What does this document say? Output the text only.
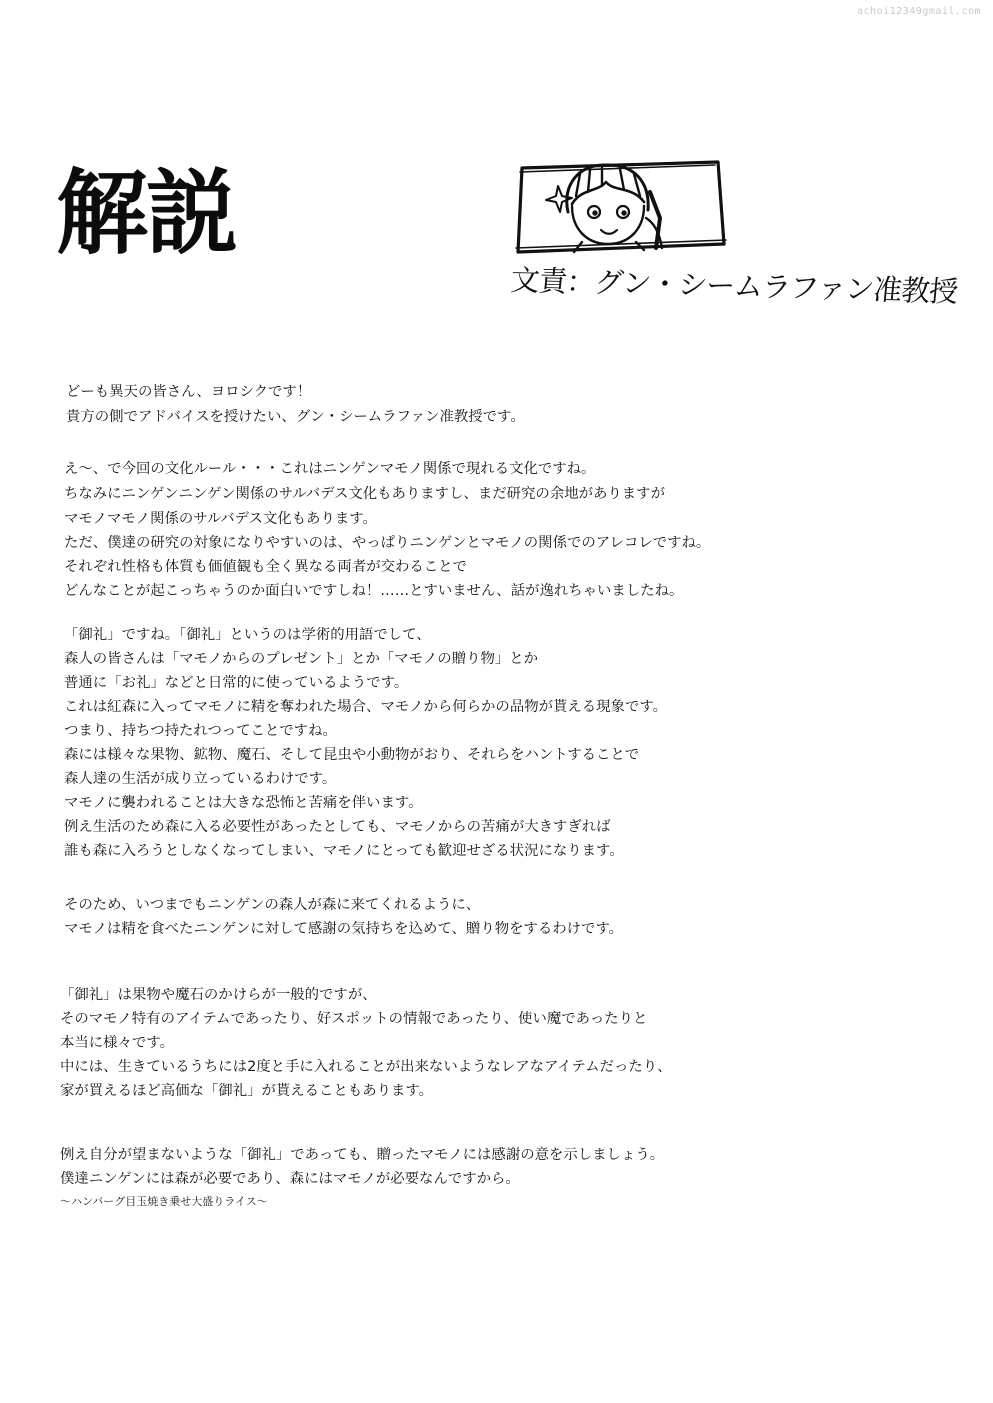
achoi12349gmail.com
解説
文責：グン・シームラファン准教授
どーも異天の皆さん、ヨロシクです！
貴方の側でアドバイスを授けたい、グン・シームラファン准教授です。
え～、で今回の文化ルール・・・これはニンゲンマモノ関係で現れる文化ですね。
ちなみにニンゲンニンゲン関係のサルバデス文化もありますし、まだ研究の余地がありますが
マモノマモノ関係のサルバデス文化もあります。
ただ、僕達の研究の対象になりやすいのは、やっぱりニンゲンとマモノの関係でのアレコレですね。
それぞれ性格も体質も価値観も全く異なる両者が交わることで
どんなことが起こっちゃうのか面白いですしね！……とすいません、話が逸れちゃいましたね。
「御礼」ですね。「御礼」というのは学術的用語でして、
森人の皆さんは「マモノからのプレゼント」とか「マモノの贈り物」とか
普通に「お礼」などと日常的に使っているようです。
これは紅森に入ってマモノに精を奪われた場合、マモノから何らかの品物が貰える現象です。
つまり、持ちつ持たれつってことですね。
森には様々な果物、鉱物、魔石、そして昆虫や小動物がおり、それらをハントすることで
森人達の生活が成り立っているわけです。
マモノに襲われることは大きな恐怖と苦痛を伴います。
例え生活のため森に入る必要性があったとしても、マモノからの苦痛が大きすぎれば
誰も森に入ろうとしなくなってしまい、マモノにとっても歓迎せざる状況になります。
そのため、いつまでもニンゲンの森人が森に来てくれるように、
マモノは精を食べたニンゲンに対して感謝の気持ちを込めて、贈り物をするわけです。
「御礼」は果物や魔石のかけらが一般的ですが、
そのマモノ特有のアイテムであったり、好スポットの情報であったり、使い魔であったりと
本当に様々です。
中には、生きているうちには2度と手に入れることが出来ないようなレアなアイテムだったり、
家が買えるほど高価な「御礼」が貰えることもあります。
例え自分が望まないような「御礼」であっても、贈ったマモノには感謝の意を示しましょう。
僕達ニンゲンには森が必要であり、森にはマモノが必要なんですから。
～ハンバーグ目玉焼き乗せ大盛りライス～
